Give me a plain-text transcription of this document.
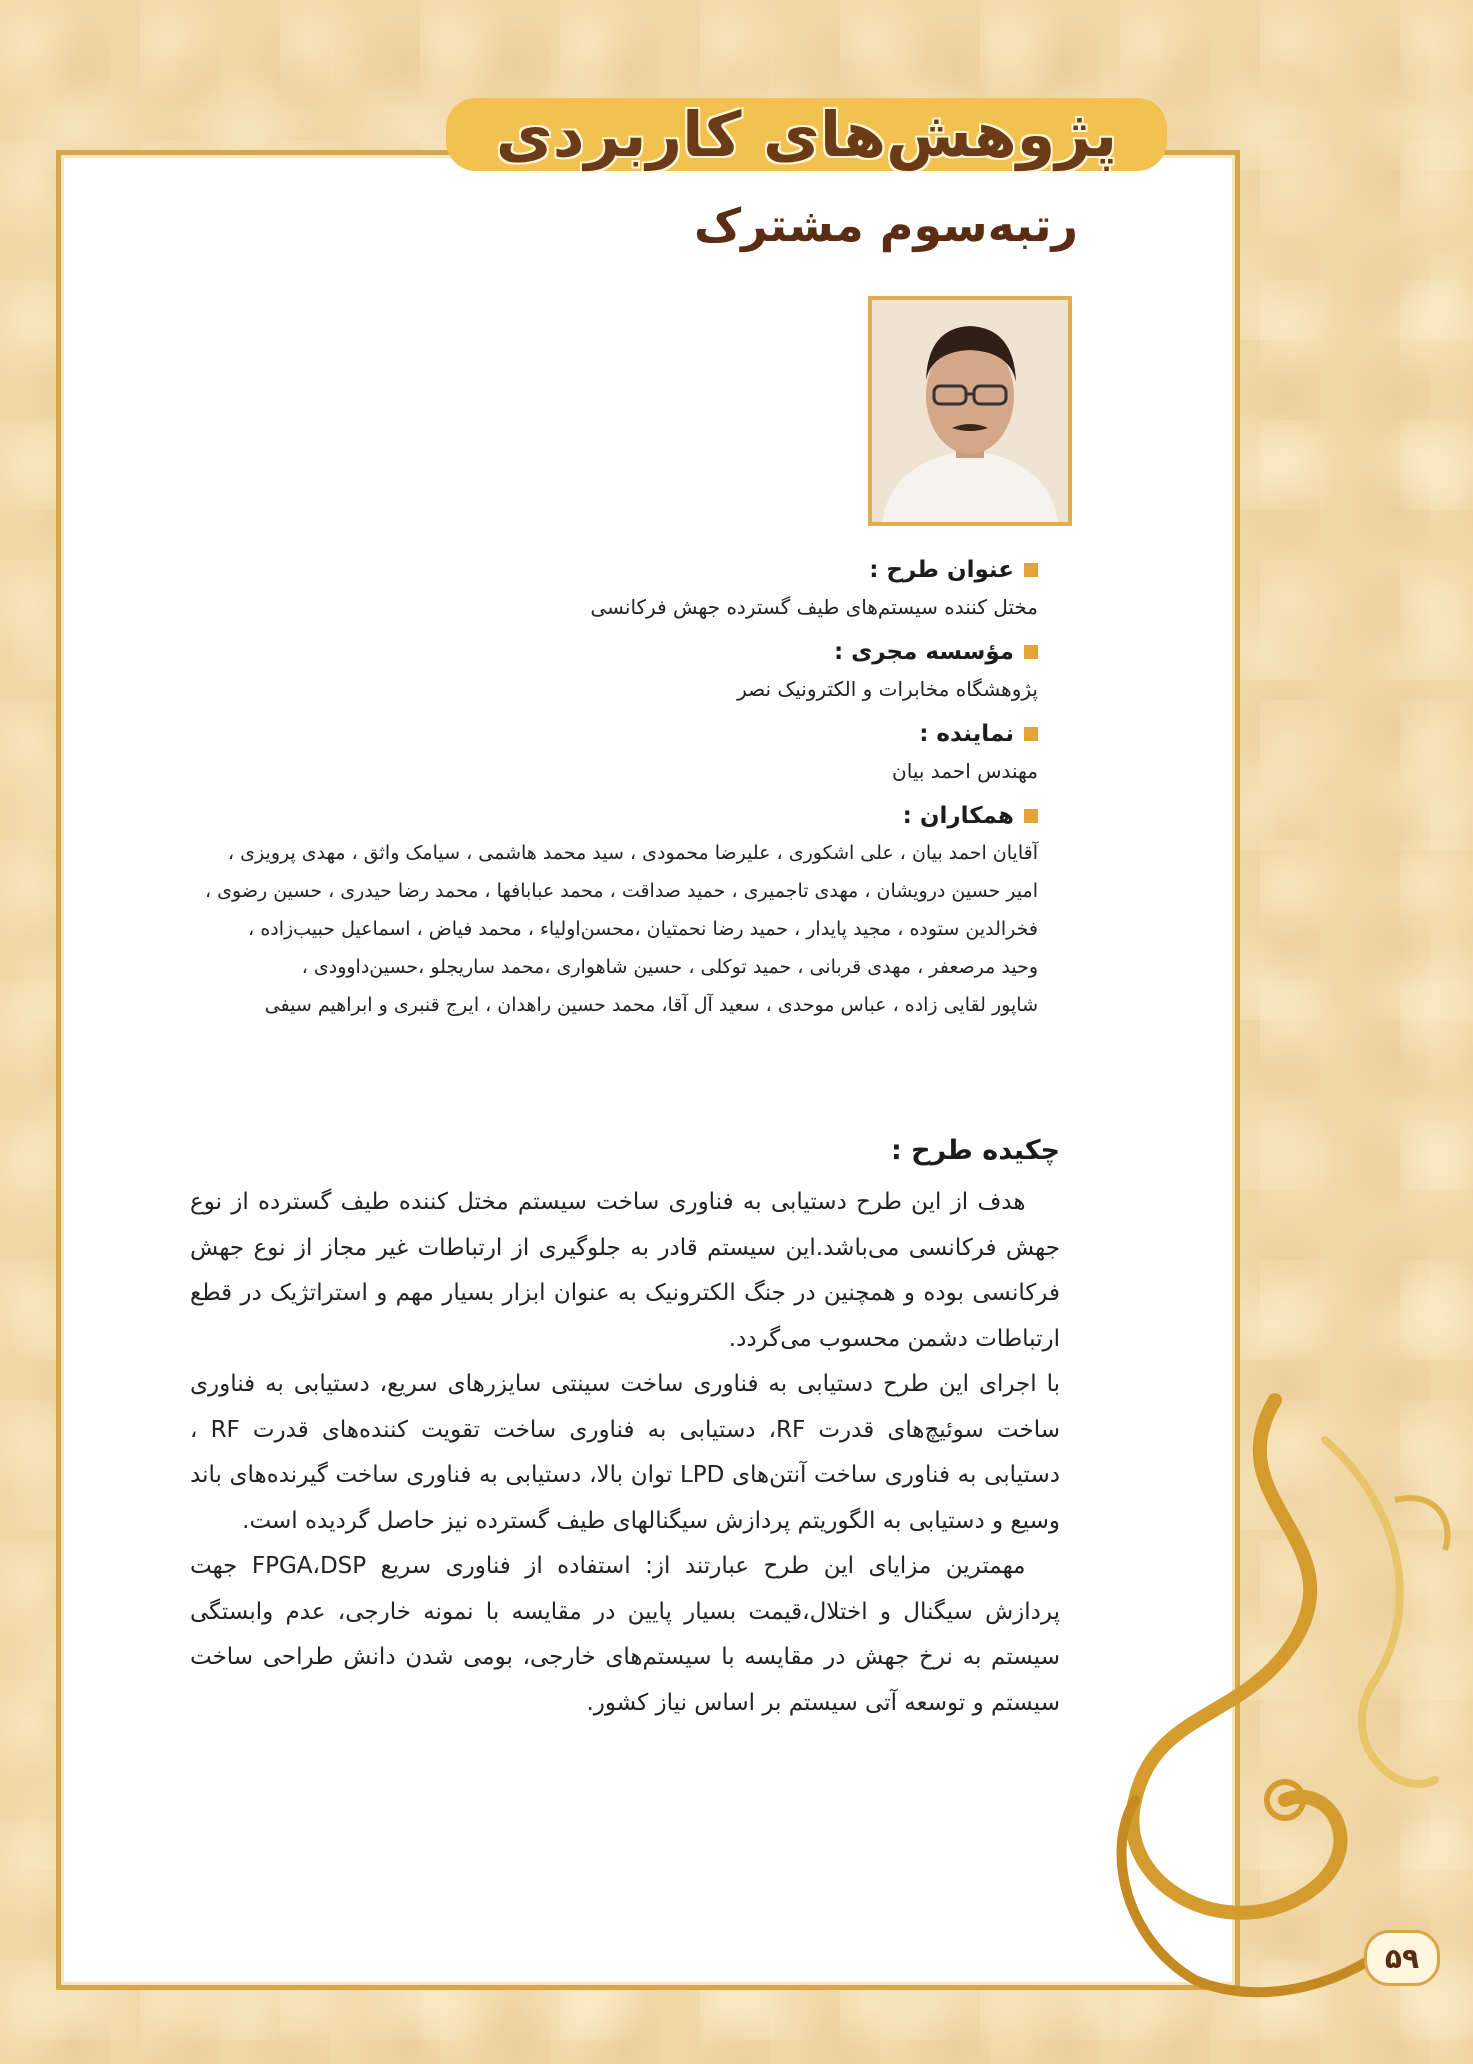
پژوهش‌های کاربردی
رتبه‌سوم مشترک
عنوان طرح :
مختل کننده سیستم‌های طیف گسترده جهش فرکانسی
مؤسسه مجری :
پژوهشگاه مخابرات و الکترونیک نصر
نماینده :
مهندس احمد بیان
همکاران :
آقایان احمد بیان ، علی اشکوری ، علیرضا محمودی ، سید محمد هاشمی ، سیامک واثق ، مهدی پرویزی ،
امیر حسین درویشان ، مهدی تاجمیری ، حمید صداقت ، محمد عبابافها ، محمد رضا حیدری ، حسین رضوی ،
فخرالدین ستوده ، مجید پایدار ، حمید رضا نحمتیان ،محسن‌اولیاء ، محمد فیاض ، اسماعیل حبیب‌زاده ،
وحید مرصعفر ، مهدی قربانی ، حمید توکلی ، حسین شاهواری ،محمد ساریجلو ،حسین‌داوودی ،
شاپور لقایی زاده ، عباس موحدی ، سعید آل آقا، محمد حسین راهدان ، ایرج قنبری و ابراهیم سیفی
چکیده طرح :

هدف از این طرح دستیابی به فناوری ساخت سیستم مختل کننده طیف گسترده از نوع جهش فرکانسی می‌باشد.این سیستم قادر به جلوگیری از ارتباطات غیر مجاز از نوع جهش فرکانسی بوده و همچنین در جنگ الکترونیک به عنوان ابزار بسیار مهم و استراتژیک در قطع ارتباطات دشمن محسوب می‌گردد.

با اجرای این طرح دستیابی به فناوری ساخت سینتی سایزرهای سریع، دستیابی به فناوری ساخت سوئیچ‌های قدرت RF، دستیابی به فناوری ساخت تقویت کننده‌های قدرت RF ، دستیابی به فناوری ساخت آنتن‌های LPD توان بالا، دستیابی به فناوری ساخت گیرنده‌های باند وسیع و دستیابی به الگوریتم پردازش سیگنالهای طیف گسترده نیز حاصل گردیده است.

مهمترین مزایای این طرح عبارتند از: استفاده از فناوری سریع FPGA،DSP جهت پردازش سیگنال و اختلال،قیمت بسیار پایین در مقایسه با نمونه خارجی، عدم وابستگی سیستم به نرخ جهش در مقایسه با سیستم‌های خارجی، بومی شدن دانش طراحی ساخت سیستم و توسعه آتی سیستم بر اساس نیاز کشور.

۵۹
